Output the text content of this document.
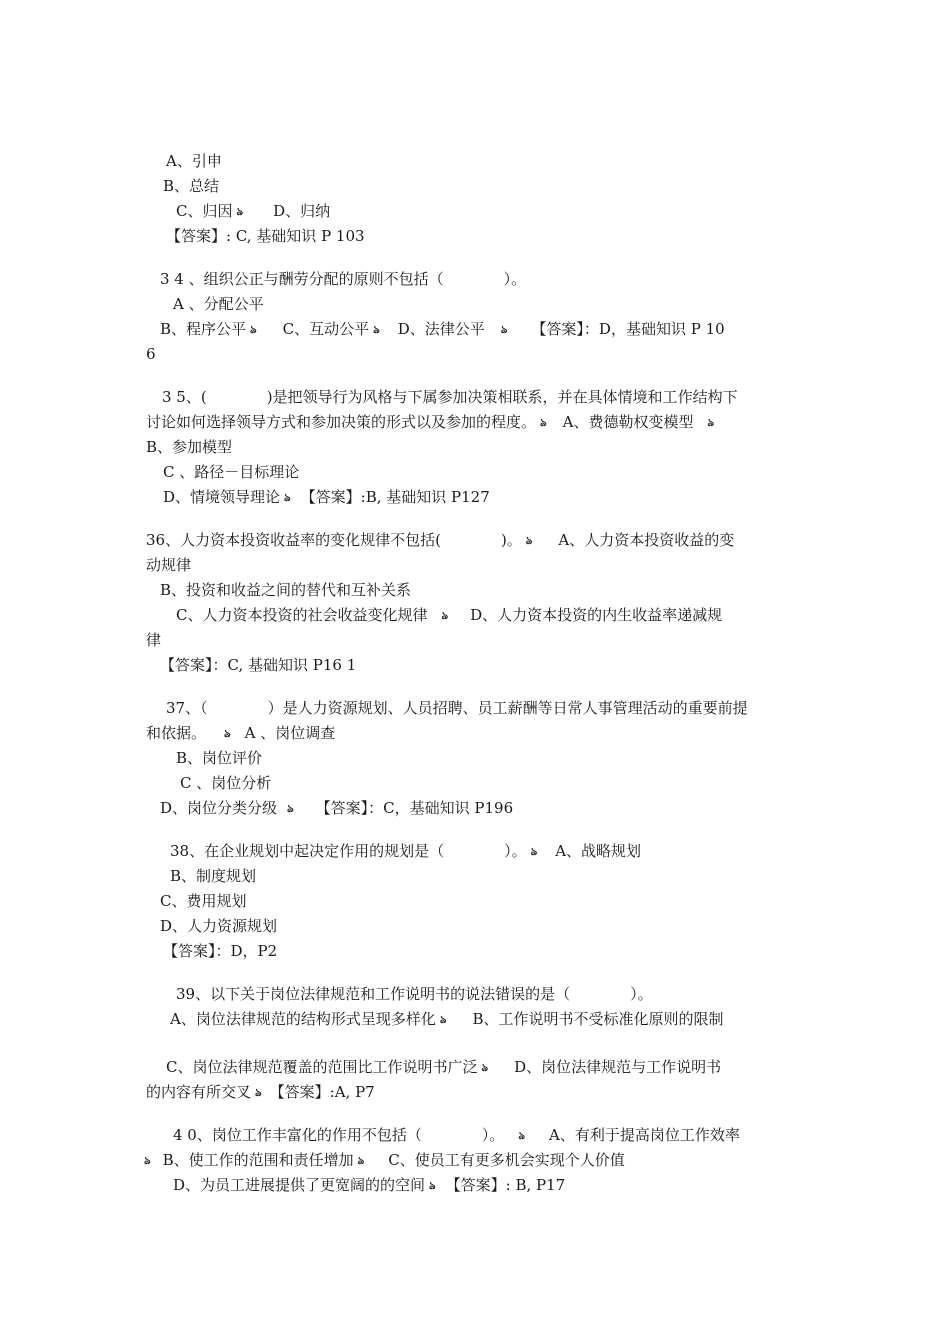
A、引申
B、总结
C、归因 ঌ D、归纳
【答案】: C, 基础知识 P 103
3 4 、组织公正与酬劳分配的原则不包括（　　　　）。
A 、分配公平
B、程序公平 ঌ C、互动公平 ঌ D、法律公平 ঌ 【答案】：D，基础知识 P 10
6
3 5、(　　　　)是把领导行为风格与下属参加决策相联系，并在具体情境和工作结构下
讨论如何选择领导方式和参加决策的形式以及参加的程度。 ঌ A、费德勒权变模型 ঌ
B、参加模型
C 、路径－目标理论
D、情境领导理论 ঌ 【答案】:B, 基础知识 P127
36、人力资本投资收益率的变化规律不包括(　　　　)。 ঌ A、人力资本投资收益的变
动规律
B、投资和收益之间的替代和互补关系
C、人力资本投资的社会收益变化规律 ঌ D、人力资本投资的内生收益率递减规
律
【答案】：C, 基础知识 P16 1
37、（　　　　）是人力资源规划、人员招聘、员工薪酬等日常人事管理活动的重要前提
和依据。 ঌ A 、岗位调查
B、岗位评价
C 、岗位分析
D、岗位分类分级 ঌ 【答案】：C，基础知识 P196
38、在企业规划中起决定作用的规划是（　　　　）。 ঌ A、战略规划
B、制度规划
C、费用规划
D、人力资源规划
【答案】：D，P2
39、以下关于岗位法律规范和工作说明书的说法错误的是（　　　　）。
A、岗位法律规范的结构形式呈现多样化 ঌ B、工作说明书不受标准化原则的限制
C、岗位法律规范覆盖的范围比工作说明书广泛 ঌ D、岗位法律规范与工作说明书
的内容有所交叉 ঌ 【答案】:A, P7
4 0、岗位工作丰富化的作用不包括（　　　　）。 ঌ A、有利于提高岗位工作效率
ঌ B、使工作的范围和责任增加 ঌ C、使员工有更多机会实现个人价值
D、为员工进展提供了更宽阔的的空间 ঌ 【答案】: B, P17
